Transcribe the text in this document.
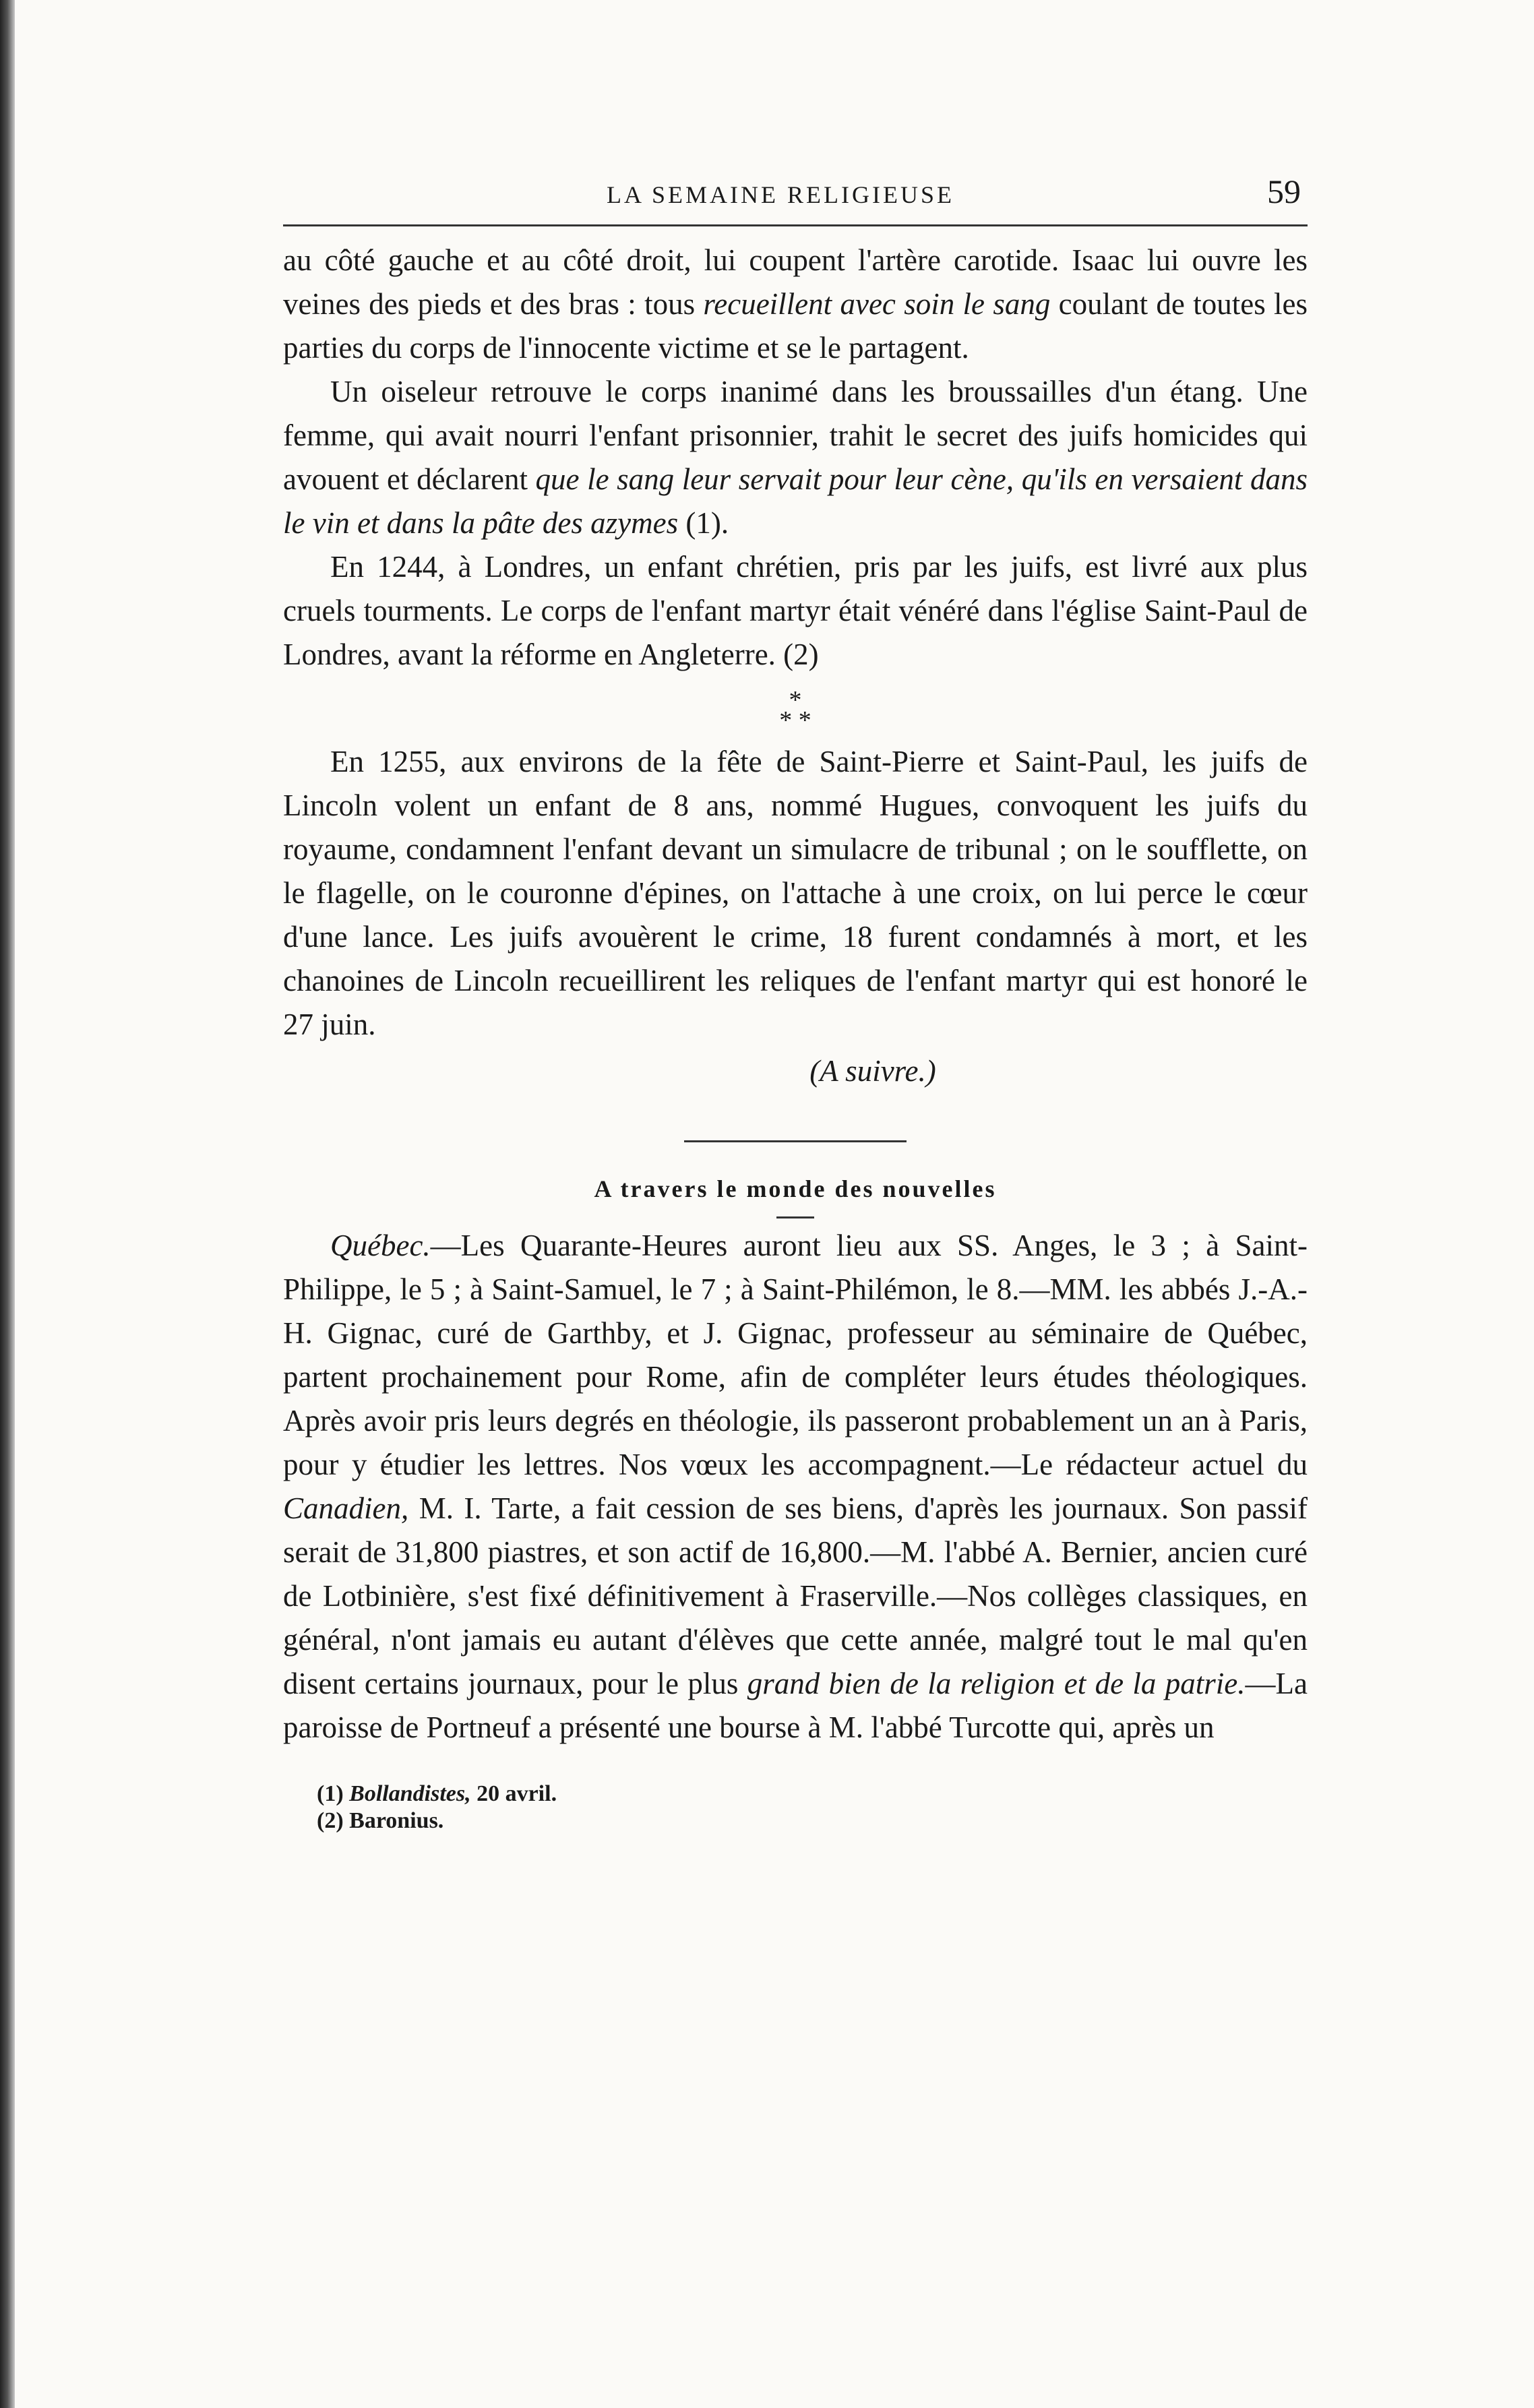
LA SEMAINE RELIGIEUSE	59

au côté gauche et au côté droit, lui coupent l'artère carotide. Isaac lui ouvre les veines des pieds et des bras : tous recueillent avec soin le sang coulant de toutes les parties du corps de l'innocente victime et se le partagent.

Un oiseleur retrouve le corps inanimé dans les broussailles d'un étang. Une femme, qui avait nourri l'enfant prisonnier, trahit le secret des juifs homicides qui avouent et déclarent que le sang leur servait pour leur cène, qu'ils en versaient dans le vin et dans la pâte des azymes (1).

En 1244, à Londres, un enfant chrétien, pris par les juifs, est livré aux plus cruels tourments. Le corps de l'enfant martyr était vénéré dans l'église Saint-Paul de Londres, avant la réforme en Angleterre. (2)

*
* *

En 1255, aux environs de la fête de Saint-Pierre et Saint-Paul, les juifs de Lincoln volent un enfant de 8 ans, nommé Hugues, convoquent les juifs du royaume, condamnent l'enfant devant un simulacre de tribunal ; on le soufflette, on le flagelle, on le couronne d'épines, on l'attache à une croix, on lui perce le cœur d'une lance. Les juifs avouèrent le crime, 18 furent condamnés à mort, et les chanoines de Lincoln recueillirent les reliques de l'enfant martyr qui est honoré le 27 juin.

(A suivre.)

A travers le monde des nouvelles

Québec.—Les Quarante-Heures auront lieu aux SS. Anges, le 3 ; à Saint-Philippe, le 5 ; à Saint-Samuel, le 7 ; à Saint-Philémon, le 8.—MM. les abbés J.-A.-H. Gignac, curé de Garthby, et J. Gignac, professeur au séminaire de Québec, partent prochainement pour Rome, afin de compléter leurs études théologiques. Après avoir pris leurs degrés en théologie, ils passeront probablement un an à Paris, pour y étudier les lettres. Nos vœux les accompagnent.—Le rédacteur actuel du Canadien, M. I. Tarte, a fait cession de ses biens, d'après les journaux. Son passif serait de 31,800 piastres, et son actif de 16,800.—M. l'abbé A. Bernier, ancien curé de Lotbinière, s'est fixé définitivement à Fraserville.—Nos collèges classiques, en général, n'ont jamais eu autant d'élèves que cette année, malgré tout le mal qu'en disent certains journaux, pour le plus grand bien de la religion et de la patrie.—La paroisse de Portneuf a présenté une bourse à M. l'abbé Turcotte qui, après un

(1) Bollandistes, 20 avril.

(2) Baronius.
